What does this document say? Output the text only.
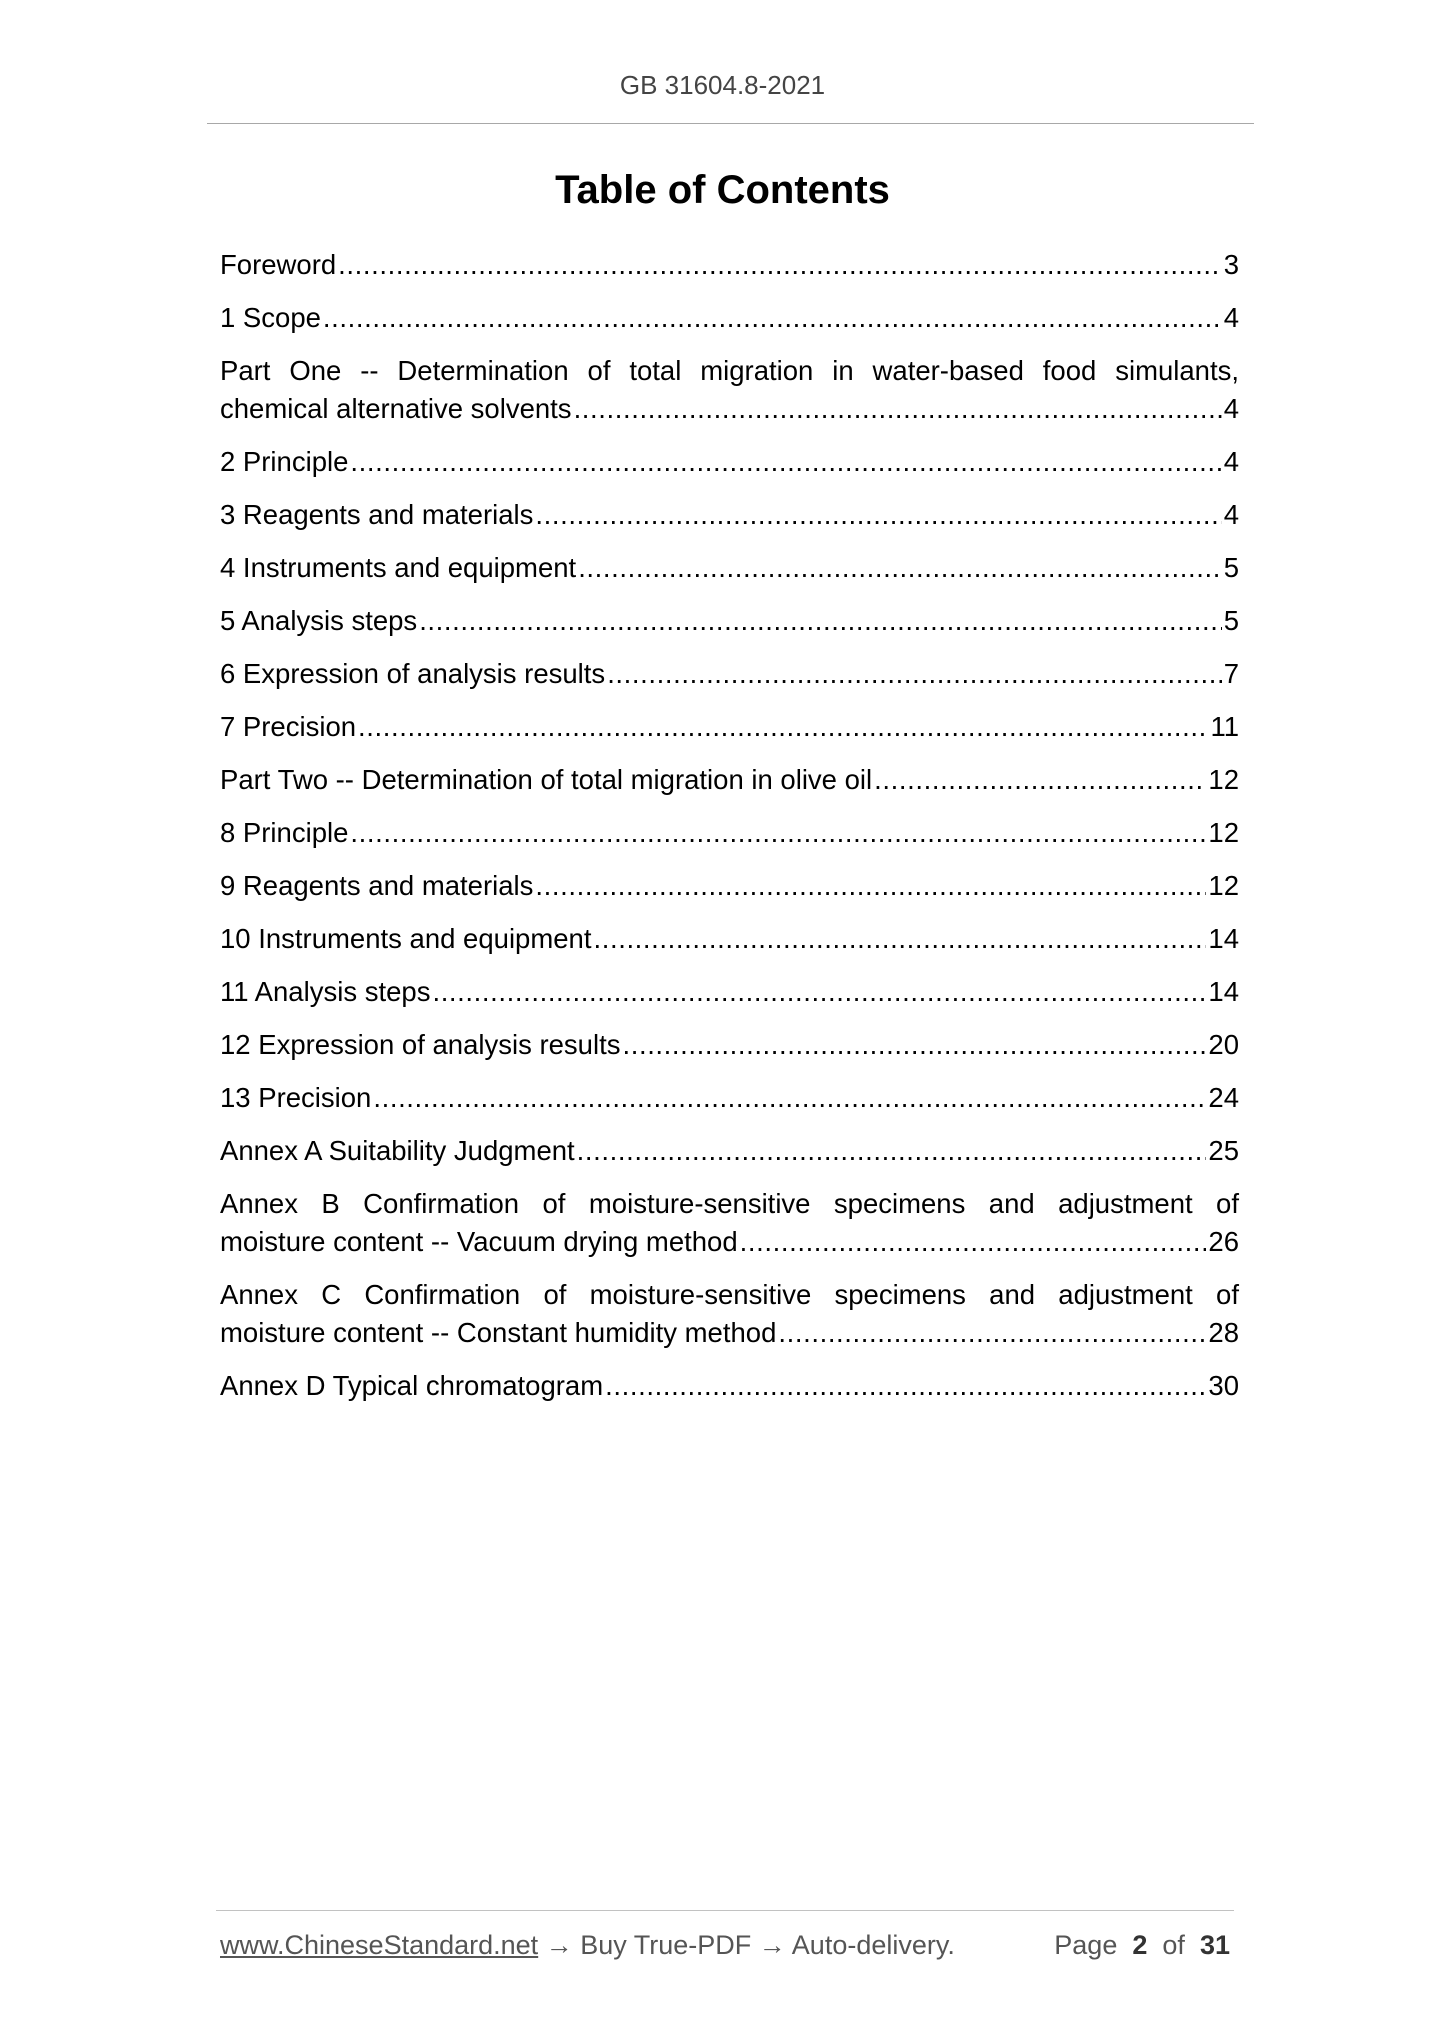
GB 31604.8-2021
Table of Contents
Foreword .....	3
1 Scope .....	4
Part One -- Determination of total migration in water-based food simulants,
chemical alternative solvents .....	4
2 Principle .....	4
3 Reagents and materials .....	4
4 Instruments and equipment .....	5
5 Analysis steps .....	5
6 Expression of analysis results .....	7
7 Precision .....	11
Part Two -- Determination of total migration in olive oil .....	12
8 Principle .....	12
9 Reagents and materials .....	12
10 Instruments and equipment .....	14
11 Analysis steps .....	14
12 Expression of analysis results .....	20
13 Precision .....	24
Annex A Suitability Judgment .....	25
Annex B Confirmation of moisture-sensitive specimens and adjustment of
moisture content -- Vacuum drying method .....	26
Annex C Confirmation of moisture-sensitive specimens and adjustment of
moisture content -- Constant humidity method .....	28
Annex D Typical chromatogram .....	30
www.ChineseStandard.net → Buy True-PDF → Auto-delivery.	Page 2 of 31
